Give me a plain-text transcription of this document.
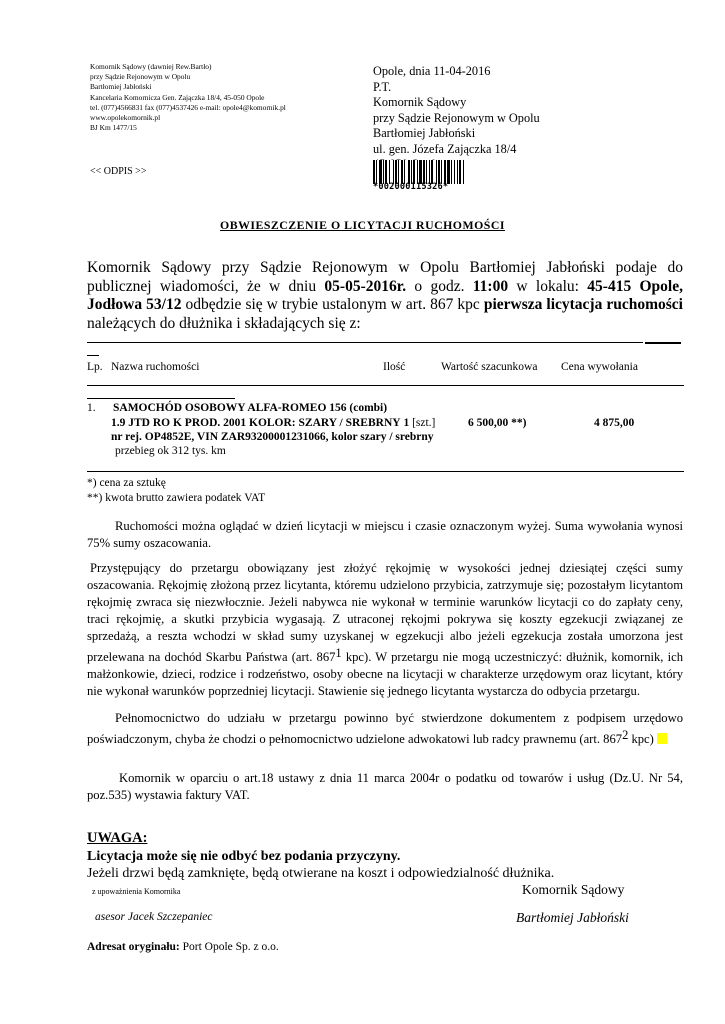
Komornik Sądowy (dawniej Rew.Bartło)
przy Sądzie Rejonowym w Opolu
Bartłomiej Jabłoński
Kancelaria Komornicza Gen. Zajączka 18/4, 45-050 Opole
tel. (077)4566831 fax (077)4537426 e-mail: opole4@komornik.pl
www.opolekomornik.pl
BJ Km 1477/15
<< ODPIS >>
Opole, dnia 11-04-2016
P.T.
Komornik Sądowy
przy Sądzie Rejonowym w Opolu
Bartłomiej Jabłoński
ul. gen. Józefa Zajączka 18/4
*002000115326*
OBWIESZCZENIE O LICYTACJI RUCHOMOŚCI
Komornik Sądowy przy Sądzie Rejonowym w Opolu Bartłomiej Jabłoński podaje do publicznej wiadomości, że w dniu 05-05-2016r. o godz. 11:00 w lokalu: 45-415 Opole, Jodłowa 53/12 odbędzie się w trybie ustalonym w art. 867 kpc pierwsza licytacja ruchomości należących do dłużnika i składających się z:
Lp. Nazwa ruchomości	Ilość	Wartość szacunkowa Cena wywołania
1. SAMOCHÓD OSOBOWY ALFA-ROMEO 156 (combi)
1.9 JTD RO K PROD. 2001 KOLOR: SZARY / SREBRNY 1 [szt.]	6 500,00 **)	4 875,00
nr rej. OP4852E, VIN ZAR93200001231066, kolor szary / srebrny
przebieg ok 312 tys. km
*) cena za sztukę
**) kwota brutto zawiera podatek VAT
Ruchomości można oglądać w dzień licytacji w miejscu i czasie oznaczonym wyżej. Suma wywołania wynosi 75% sumy oszacowania.
Przystępujący do przetargu obowiązany jest złożyć rękojmię w wysokości jednej dziesiątej części sumy oszacowania. Rękojmię złożoną przez licytanta, któremu udzielono przybicia, zatrzymuje się; pozostałym licytantom rękojmię zwraca się niezwłocznie. Jeżeli nabywca nie wykonał w terminie warunków licytacji co do zapłaty ceny, traci rękojmię, a skutki przybicia wygasają. Z utraconej rękojmi pokrywa się koszty egzekucji związanej ze sprzedażą, a reszta wchodzi w skład sumy uzyskanej w egzekucji albo jeżeli egzekucja została umorzona jest przelewana na dochód Skarbu Państwa (art. 8671 kpc). W przetargu nie mogą uczestniczyć: dłużnik, komornik, ich małżonkowie, dzieci, rodzice i rodzeństwo, osoby obecne na licytacji w charakterze urzędowym oraz licytant, który nie wykonał warunków poprzedniej licytacji. Stawienie się jednego licytanta wystarcza do odbycia przetargu.
Pełnomocnictwo do udziału w przetargu powinno być stwierdzone dokumentem z podpisem urzędowo poświadczonym, chyba że chodzi o pełnomocnictwo udzielone adwokatowi lub radcy prawnemu (art. 8672 kpc)
Komornik w oparciu o art.18 ustawy z dnia 11 marca 2004r o podatku od towarów i usług (Dz.U. Nr 54, poz.535) wystawia faktury VAT.
UWAGA:
Licytacja może się nie odbyć bez podania przyczyny.
Jeżeli drzwi będą zamknięte, będą otwierane na koszt i odpowiedzialność dłużnika.
z upoważnienia Komornika
asesor Jacek Szczepaniec
Komornik Sądowy
Bartłomiej Jabłoński
Adresat oryginału: Port Opole Sp. z o.o.
